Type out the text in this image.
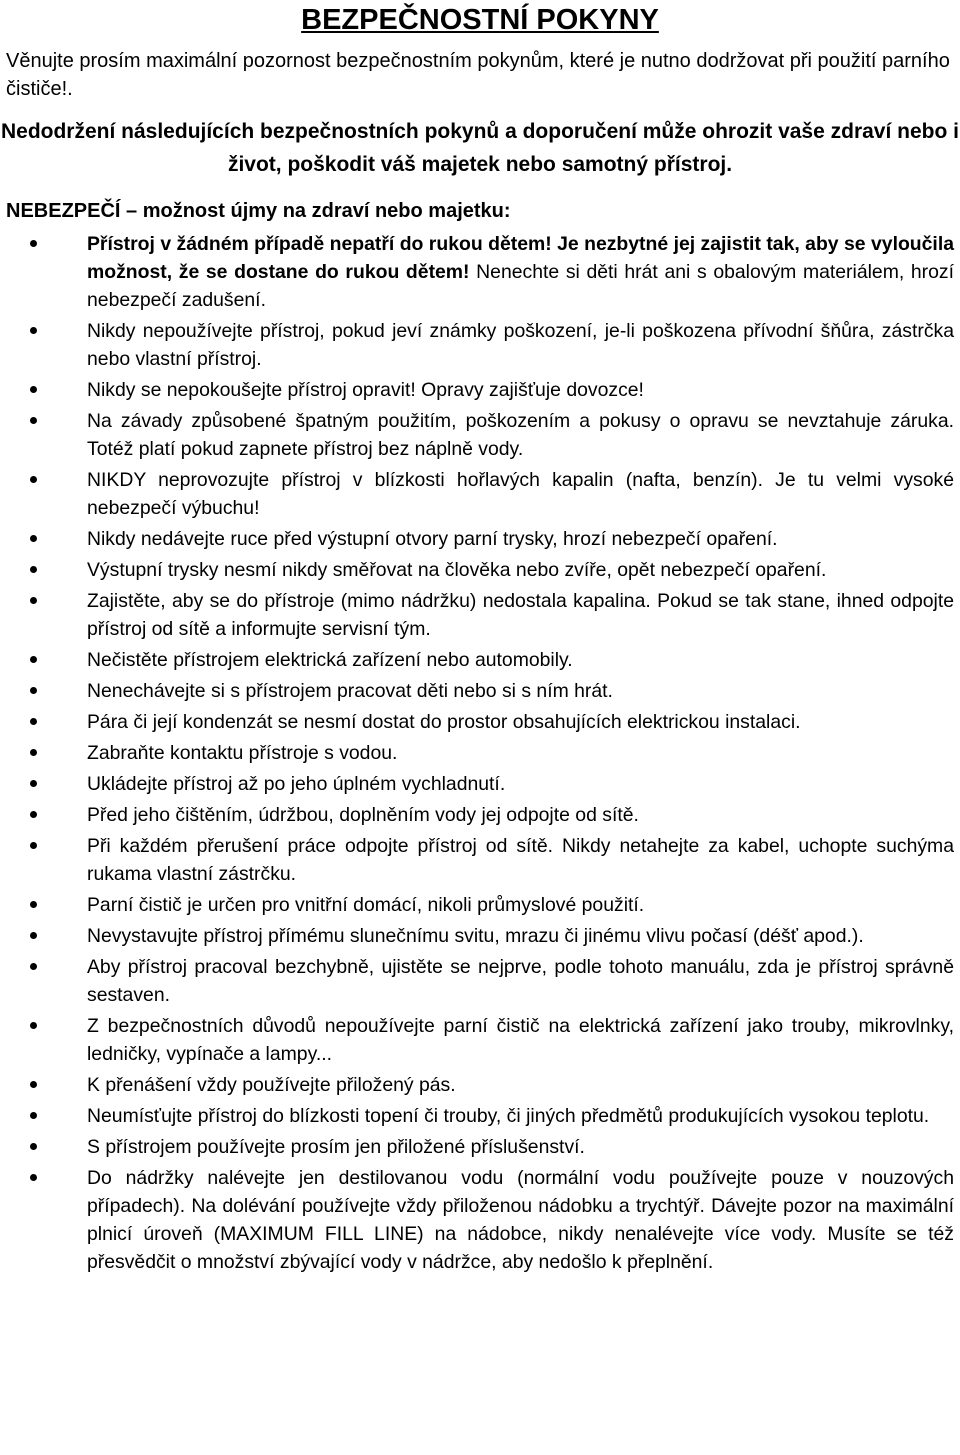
BEZPEČNOSTNÍ POKYNY

Věnujte prosím maximální pozornost bezpečnostním pokynům, které je nutno dodržovat při použití parního čističe!.

Nedodržení následujících bezpečnostních pokynů a doporučení může ohrozit vaše zdraví nebo i život, poškodit váš majetek nebo samotný přístroj.

NEBEZPEČÍ – možnost újmy na zdraví nebo majetku:

Přístroj v žádném případě nepatří do rukou dětem! Je nezbytné jej zajistit tak, aby se vyloučila možnost, že se dostane do rukou dětem! Nenechte si děti hrát ani s obalovým materiálem, hrozí nebezpečí zadušení.
Nikdy nepoužívejte přístroj, pokud jeví známky poškození, je-li poškozena přívodní šňůra, zástrčka nebo vlastní přístroj.
Nikdy se nepokoušejte přístroj opravit! Opravy zajišťuje dovozce!
Na závady způsobené špatným použitím, poškozením a pokusy o opravu se nevztahuje záruka. Totéž platí pokud zapnete přístroj bez náplně vody.
NIKDY neprovozujte přístroj v blízkosti hořlavých kapalin (nafta, benzín). Je tu velmi vysoké nebezpečí výbuchu!
Nikdy nedávejte ruce před výstupní otvory parní trysky, hrozí nebezpečí opaření.
Výstupní trysky nesmí nikdy směřovat na člověka nebo zvíře, opět nebezpečí opaření.
Zajistěte, aby se do přístroje (mimo nádržku) nedostala kapalina. Pokud se tak stane, ihned odpojte přístroj od sítě a informujte servisní tým.
Nečistěte přístrojem elektrická zařízení nebo automobily.
Nenechávejte si s přístrojem pracovat děti nebo si s ním hrát.
Pára či její kondenzát se nesmí dostat do prostor obsahujících elektrickou instalaci.
Zabraňte kontaktu přístroje s vodou.
Ukládejte přístroj až po jeho úplném vychladnutí.
Před jeho čištěním, údržbou, doplněním vody jej odpojte od sítě.
Při každém přerušení práce odpojte přístroj od sítě. Nikdy netahejte za kabel, uchopte suchýma rukama vlastní zástrčku.
Parní čistič je určen pro vnitřní domácí, nikoli průmyslové použití.
Nevystavujte přístroj přímému slunečnímu svitu, mrazu či jinému vlivu počasí (déšť apod.).
Aby přístroj pracoval bezchybně, ujistěte se nejprve, podle tohoto manuálu, zda je přístroj správně sestaven.
Z bezpečnostních důvodů nepoužívejte parní čistič na elektrická zařízení jako trouby, mikrovlnky, ledničky, vypínače a lampy...
K přenášení vždy používejte přiložený pás.
Neumísťujte přístroj do blízkosti topení či trouby, či jiných předmětů produkujících vysokou teplotu.
S přístrojem používejte prosím jen přiložené příslušenství.
Do nádržky nalévejte jen destilovanou vodu (normální vodu používejte pouze v nouzových případech). Na dolévání používejte vždy přiloženou nádobku a trychtýř. Dávejte pozor na maximální plnicí úroveň (MAXIMUM FILL LINE) na nádobce, nikdy nenalévejte více vody. Musíte se též přesvědčit o množství zbývající vody v nádržce, aby nedošlo k přeplnění.
